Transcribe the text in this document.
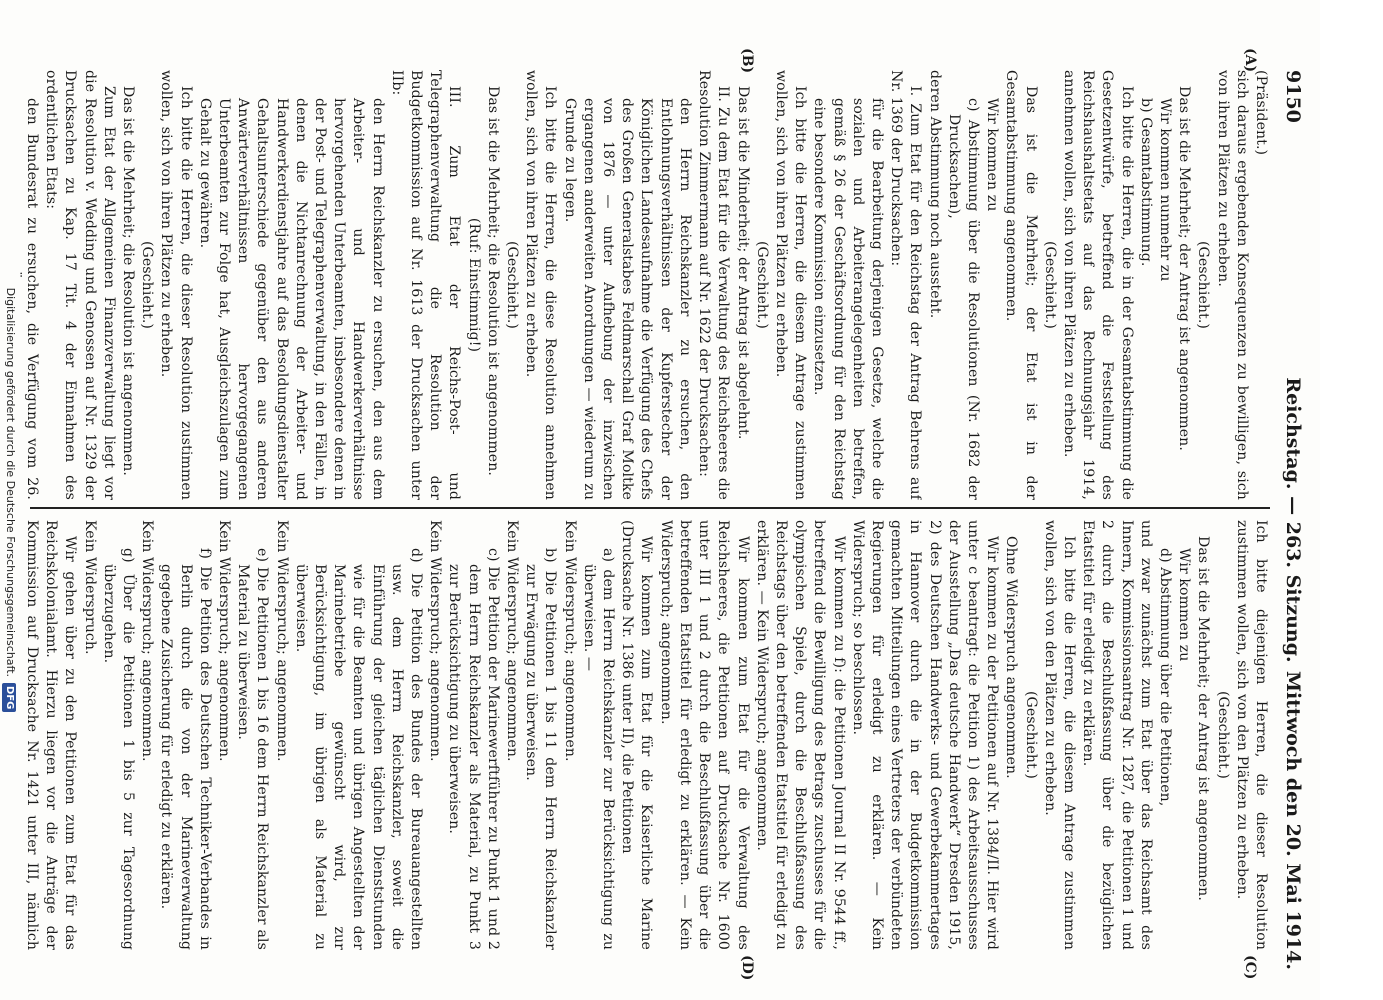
9150
Reichstag. — 263. Sitzung.
Mittwoch den 20. Mai 1914.
(A)
(B)
(C)
(D)

(Präsident.)

sich daraus ergebenden Konsequenzen zu bewilligen, sich von ihren Plätzen zu erheben.

(Geschieht.)

Das ist die Mehrheit; der Antrag ist angenommen.

Wir kommen nunmehr zu

b) Gesamtabstimmung.

Ich bitte die Herren, die in der Gesamtabstimmung die Gesetzentwürfe, betreffend die Feststellung des Reichshaushaltsetats auf das Rechnungsjahr 1914, annehmen wollen, sich von ihren Plätzen zu erheben.

(Geschieht.)

Das ist die Mehrheit; der Etat ist in der Gesamtabstimmung angenommen.

Wir kommen zu

c) Abstimmung über die Resolutionen (Nr. 1682 der Drucksachen),

deren Abstimmung noch aussteht.

I. Zum Etat für den Reichstag der Antrag Behrens auf Nr. 1369 der Drucksachen:

für die Bearbeitung derjenigen Gesetze, welche die sozialen und Arbeiterangelegenheiten betreffen, gemäß § 26 der Geschäftsordnung für den Reichstag eine besondere Kommission einzusetzen.

Ich bitte die Herren, die diesem Antrage zustimmen wollen, sich von ihren Plätzen zu erheben.

(Geschieht.)

Das ist die Minderheit; der Antrag ist abgelehnt.

II. Zu dem Etat für die Verwaltung des Reichsheeres die Resolution Zimmermann auf Nr. 1622 der Drucksachen:

den Herrn Reichskanzler zu ersuchen, den Entlohnungsverhältnissen der Kupferstecher der Königlichen Landesaufnahme die Verfügung des Chefs des Großen Generalstabes Feldmarschall Graf Moltke von 1876 — unter Aufhebung der inzwischen ergangenen anderweiten Anordnungen — wiederum zu Grunde zu legen.

Ich bitte die Herren, die diese Resolution annehmen wollen, sich von ihren Plätzen zu erheben.

(Geschieht.)

Das ist die Mehrheit; die Resolution ist angenommen.

(Ruf: Einstimmig!)

III. Zum Etat der Reichs-Post- und Telegraphenverwaltung die Resolution der Budgetkommission auf Nr. 1613 der Drucksachen unter IIb:

den Herrn Reichskanzler zu ersuchen, den aus dem Arbeiter- und Handwerkerverhältnisse hervorgehenden Unterbeamten, insbesondere denen in der Post- und Telegraphenverwaltung, in den Fällen, in denen die Nichtanrechnung der Arbeiter- und Handwerkerdienstjahre auf das Besoldungsdienstalter Gehaltsunterschiede gegenüber den aus anderen Anwärterverhältnissen hervorgegangenen Unterbeamten zur Folge hat, Ausgleichszulagen zum Gehalt zu gewähren.

Ich bitte die Herren, die dieser Resolution zustimmen wollen, sich von ihren Plätzen zu erheben.

(Geschieht.)

Das ist die Mehrheit; die Resolution ist angenommen.

Zum Etat der Allgemeinen Finanzverwaltung liegt vor die Resolution v. Wedding und Genossen auf Nr. 1329 der Drucksachen zu Kap. 17 Tit. 4 der Einnahmen des ordentlichen Etats:

den Bundesrat zu ersuchen, die Verfügung vom 26.

Ich bitte diejenigen Herren, die dieser Resolution zustimmen wollen, sich von den Plätzen zu erheben.

(Geschieht.)

Das ist die Mehrheit; der Antrag ist angenommen.

Wir kommen zu

d) Abstimmung über die Petitionen,

und zwar zunächst zum Etat über das Reichsamt des Innern, Kommissionsantrag Nr. 1287, die Petitionen 1 und 2 durch die Beschlußfassung über die bezüglichen Etatstitel für erledigt zu erklären.

Ich bitte die Herren, die diesem Antrage zustimmen wollen, sich von den Plätzen zu erheben.

(Geschieht.)

Ohne Widerspruch angenommen.

Wir kommen zu der Petitionen auf Nr. 1384/II. Hier wird unter c beantragt: die Petition 1) des Arbeitsausschusses der Ausstellung „Das deutsche Handwerk“ Dresden 1915, 2) des Deutschen Handwerks- und Gewerbekammertages in Hannover durch die in der Budgetkommission gemachten Mitteilungen eines Vertreters der verbündeten Regierungen für erledigt zu erklären. — Kein Widerspruch; so beschlossen.

Wir kommen zu f): die Petitionen Journal II Nr. 9544 ff., betreffend die Bewilligung des Betrags zuschusses für die olympischen Spiele, durch die Beschlußfassung des Reichstags über den betreffenden Etatstitel für erledigt zu erklären. — Kein Widerspruch; angenommen.

Wir kommen zum Etat für die Verwaltung des Reichsheeres, die Petitionen auf Drucksache Nr. 1600 unter III 1 und 2 durch die Beschlußfassung über die betreffenden Etatstitel für erledigt zu erklären. — Kein Widerspruch; angenommen.

Wir kommen zum Etat für die Kaiserliche Marine (Drucksache Nr. 1386 unter II), die Petitionen

a) dem Herrn Reichskanzler zur Berücksichtigung zu überweisen. —

Kein Widerspruch; angenommen.

b) Die Petitionen 1 bis 11 dem Herrn Reichskanzler zur Erwägung zu überweisen.

Kein Widerspruch; angenommen.

c) Die Petition der Marinewerftführer zu Punkt 1 und 2 dem Herrn Reichskanzler als Material, zu Punkt 3 zur Berücksichtigung zu überweisen.

Kein Widerspruch; angenommen.

d) Die Petition des Bundes der Bureauangestellten usw. dem Herrn Reichskanzler, soweit die Einführung der gleichen täglichen Dienststunden wie für die Beamten und übrigen Angestellten der Marinebetriebe gewünscht wird, zur Berücksichtigung, im übrigen als Material zu überweisen.

Kein Widerspruch; angenommen.

e) Die Petitionen 1 bis 16 dem Herrn Reichskanzler als Material zu überweisen.

Kein Widerspruch; angenommen.

f) Die Petition des Deutschen Techniker-Verbandes in Berlin durch die von der Marineverwaltung gegebene Zusicherung für erledigt zu erklären.

Kein Widerspruch; angenommen.

g) Über die Petitionen 1 bis 5 zur Tagesordnung überzugehen.

Kein Widerspruch.

Wir gehen über zu den Petitionen zum Etat für das Reichskolonialamt. Hierzu liegen vor die Anträge der Kommission auf Drucksache Nr. 1421 unter III, nämlich

Digitalisierung gefördert durch die Deutsche Forschungsgemeinschaft.DFG
